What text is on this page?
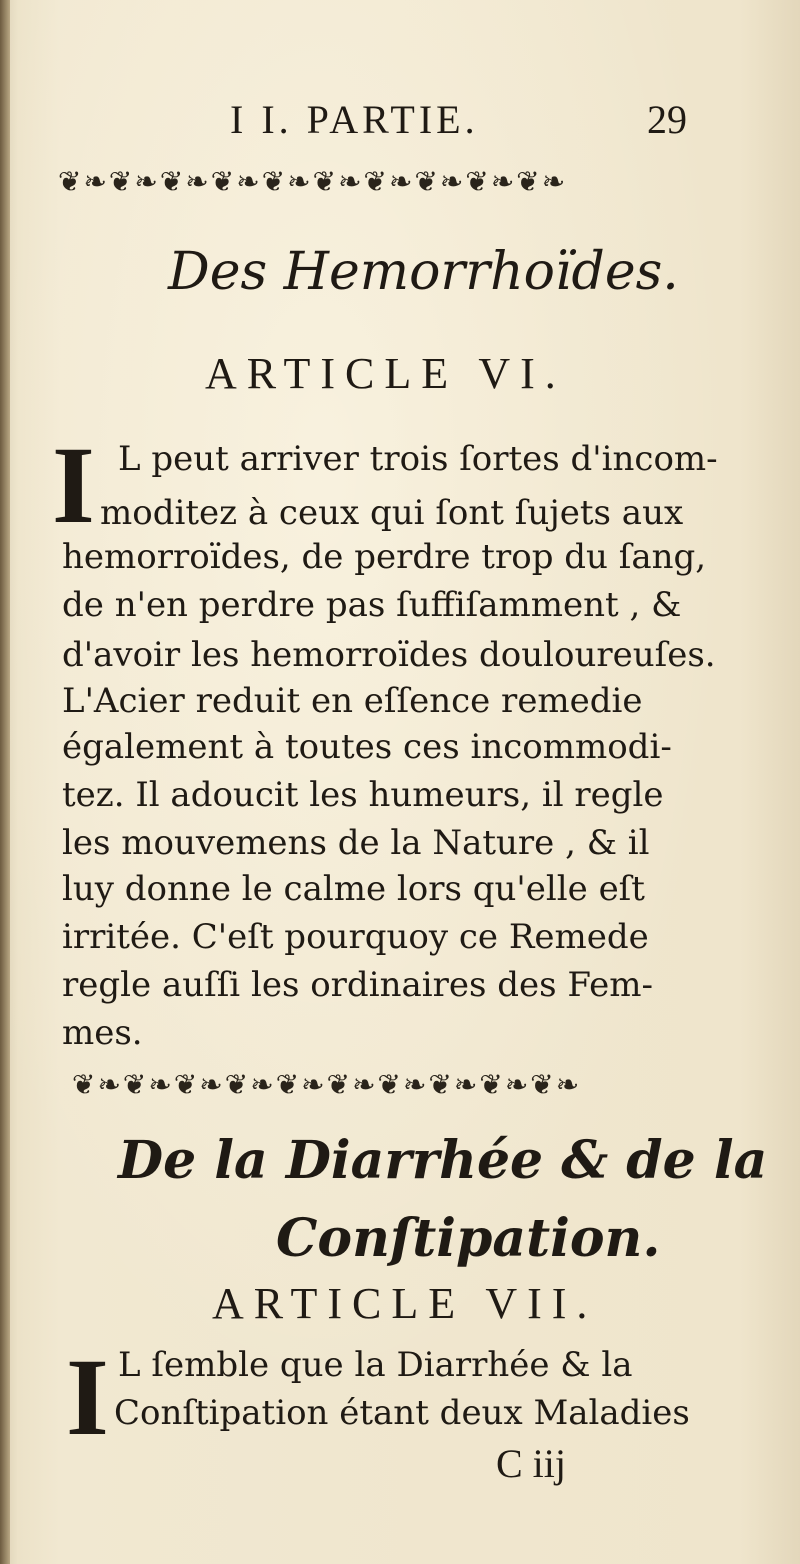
I I. PARTIE.	29
❦❧❦❧❦❧❦❧❦❧❦❧❦❧❦❧❦❧❦❧
Des Hemorrhoïdes.
ARTICLE VI.
I L peut arriver trois ſortes d'incom-
moditez à ceux qui ſont ſujets aux
hemorroïdes, de perdre trop du ſang,
de n'en perdre pas ſuffiſamment , &
d'avoir les hemorroïdes douloureuſes.
L'Acier reduit en eſſence remedie
également à toutes ces incommodi-
tez. Il adoucit les humeurs, il regle
les mouvemens de la Nature , & il
luy donne le calme lors qu'elle eſt
irritée. C'eſt pourquoy ce Remede
regle auſſi les ordinaires des Fem-
mes.
❦❧❦❧❦❧❦❧❦❧❦❧❦❧❦❧❦❧❦❧
De la Diarrhée & de la
Conſtipation.
ARTICLE VII.
I L ſemble que la Diarrhée & la
Conſtipation étant deux Maladies
C iij
